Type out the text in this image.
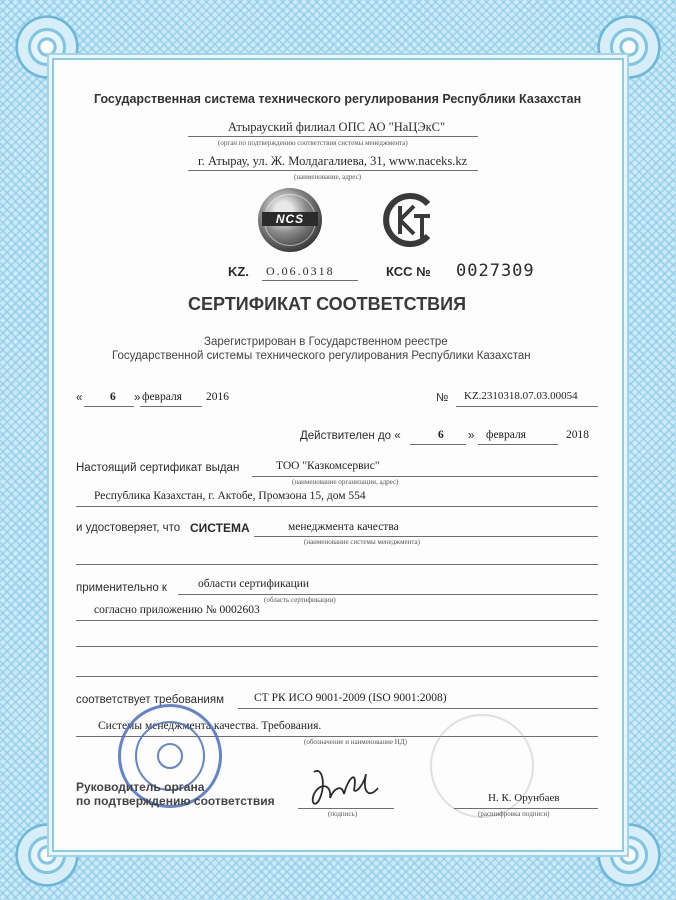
Государственная система технического регулирования Республики Казахстан
Атырауский филиал ОПС АО "НаЦЭкС"
(орган по подтверждению соответствия системы менеджмента)
г. Атырау, ул. Ж. Молдагалиева, 31, www.naceks.kz
(наименование, адрес)
NCS
KZ. О.06.0318	КСС № 0027309
СЕРТИФИКАТ СООТВЕТСТВИЯ
Зарегистрирован в Государственном реестре
Государственной системы технического регулирования Республики Казахстан
« 6 » февраля 2016	№ KZ.2310318.07.03.00054
Действителен до «	6 » февраля	2018
Настоящий сертификат выдан	ТОО "Казкомсервис"
(наименование организации, адрес)
Республика Казахстан, г. Актобе, Промзона 15, дом 554
и удостоверяет, что СИСТЕМА	менеджмента качества
(наименование системы менеджмента)
применительно к	области сертификации
(область сертификации)
согласно приложению № 0002603
соответствует требованиям	СТ РК ИСО 9001-2009 (ISO 9001:2008)
Системы менеджмента качества. Требования.
(обозначение и наименование НД)
Руководитель органа
по подтверждению соответствия
(подпись)
Н. К. Орунбаев
(расшифровка подписи)
